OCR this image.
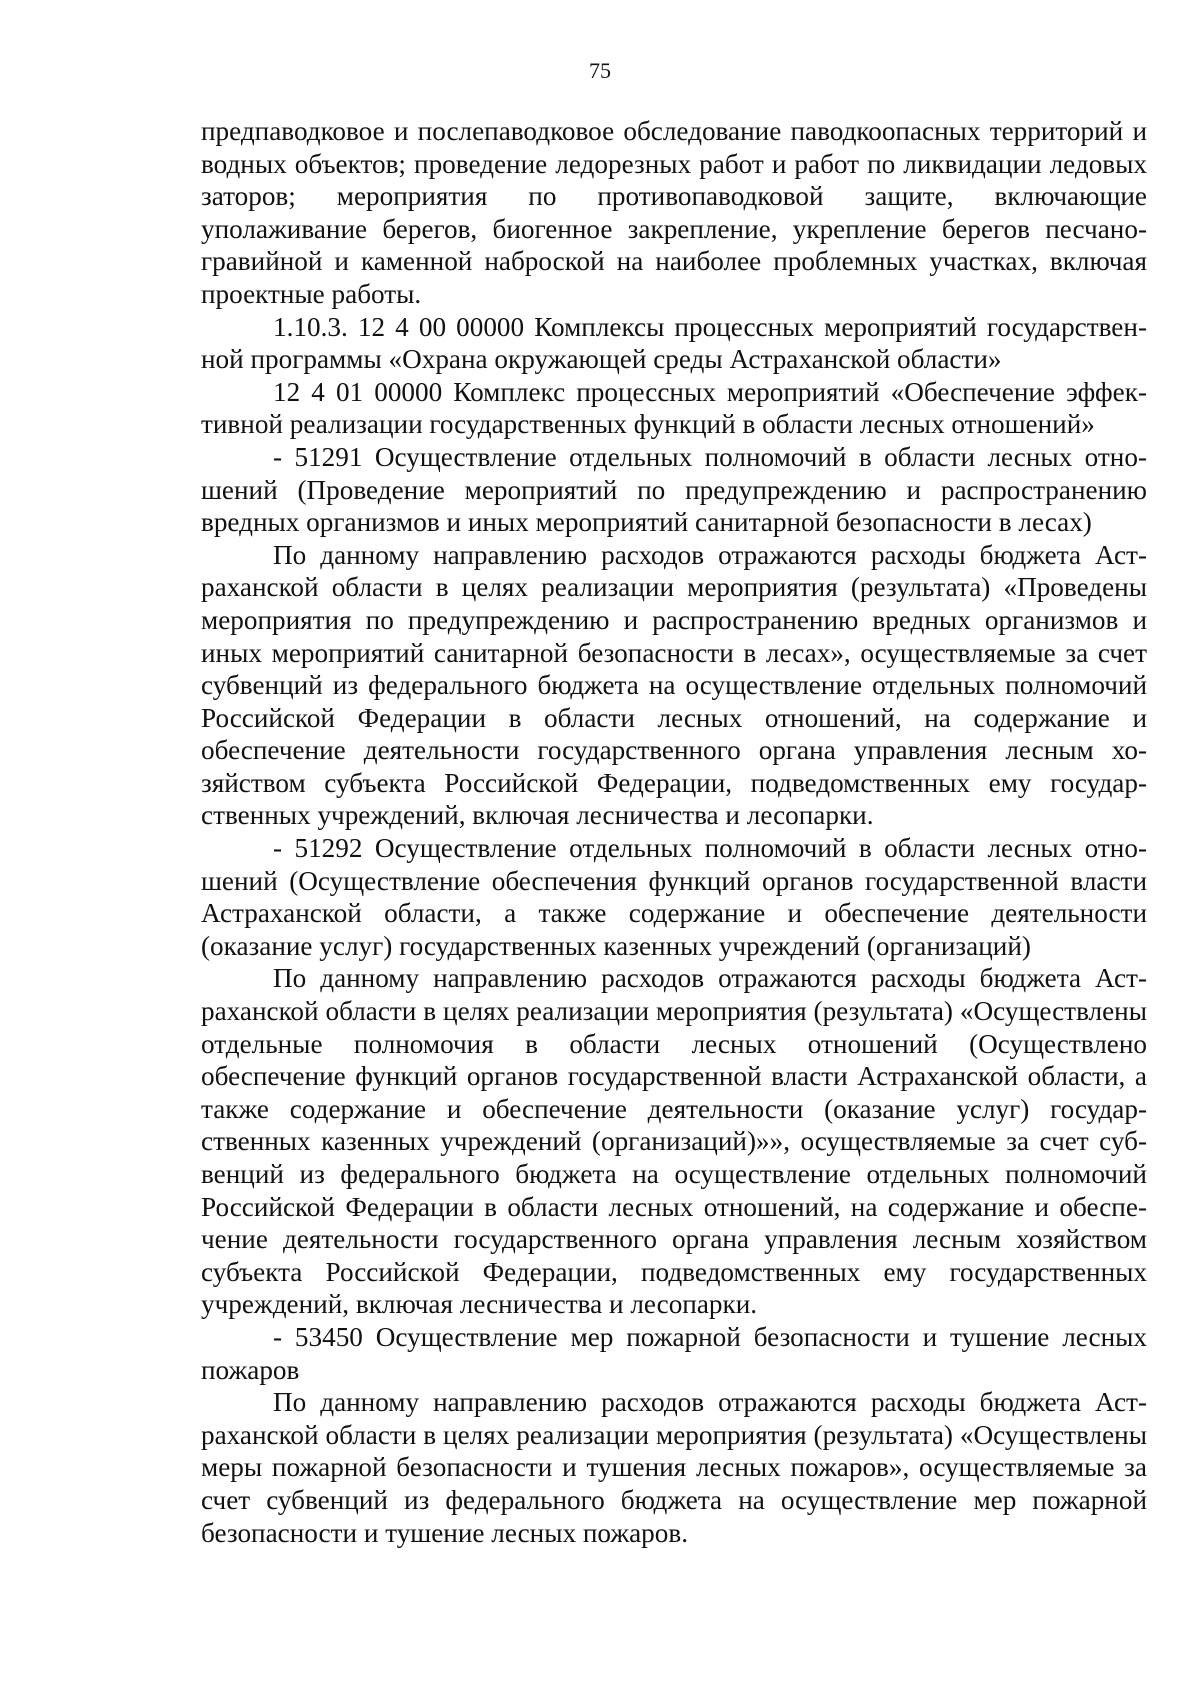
75

предпаводковое и послепаводковое обследование паводкоопасных территорий и водных объектов; проведение ледорезных работ и работ по ликвидации ледовых заторов; мероприятия по противопаводковой защите, включающие уполаживание берегов, биогенное закрепление, укрепление берегов песчаногравийной и каменной наброской на наиболее проблемных участках, включая проектные работы.

1.10.3. 12 4 00 00000 Комплексы процессных мероприятий государственной программы «Охрана окружающей среды Астраханской области»

12 4 01 00000 Комплекс процессных мероприятий «Обеспечение эффективной реализации государственных функций в области лесных отношений»

- 51291 Осуществление отдельных полномочий в области лесных отношений (Проведение мероприятий по предупреждению и распространению вредных организмов и иных мероприятий санитарной безопасности в лесах)

По данному направлению расходов отражаются расходы бюджета Астраханской области в целях реализации мероприятия (результата) «Проведены мероприятия по предупреждению и распространению вредных организмов и иных мероприятий санитарной безопасности в лесах», осуществляемые за счет субвенций из федерального бюджета на осуществление отдельных полномочий Российской Федерации в области лесных отношений, на содержание и обеспечение деятельности государственного органа управления лесным хозяйством субъекта Российской Федерации, подведомственных ему государственных учреждений, включая лесничества и лесопарки.

- 51292 Осуществление отдельных полномочий в области лесных отношений (Осуществление обеспечения функций органов государственной власти Астраханской области, а также содержание и обеспечение деятельности (оказание услуг) государственных казенных учреждений (организаций)

По данному направлению расходов отражаются расходы бюджета Астраханской области в целях реализации мероприятия (результата) «Осуществлены отдельные полномочия в области лесных отношений (Осуществлено обеспечение функций органов государственной власти Астраханской области, а также содержание и обеспечение деятельности (оказание услуг) государственных казенных учреждений (организаций)»», осуществляемые за счет субвенций из федерального бюджета на осуществление отдельных полномочий Российской Федерации в области лесных отношений, на содержание и обеспечение деятельности государственного органа управления лесным хозяйством субъекта Российской Федерации, подведомственных ему государственных учреждений, включая лесничества и лесопарки.

- 53450 Осуществление мер пожарной безопасности и тушение лесных пожаров

По данному направлению расходов отражаются расходы бюджета Астраханской области в целях реализации мероприятия (результата) «Осуществлены меры пожарной безопасности и тушения лесных пожаров», осуществляемые за счет субвенций из федерального бюджета на осуществление мер пожарной безопасности и тушение лесных пожаров.
